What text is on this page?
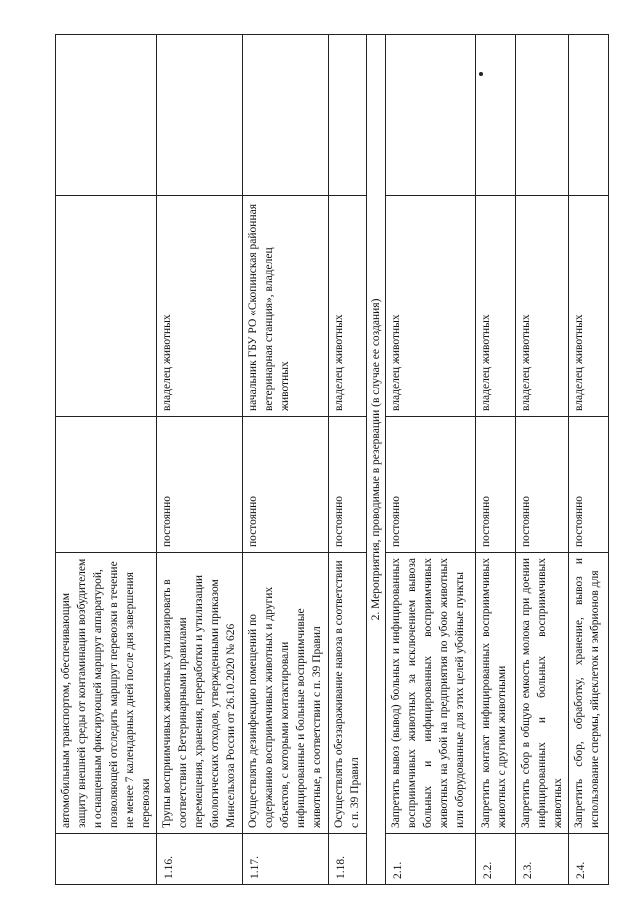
	автомобильным транспортом, обеспечивающим защиту внешней среды от контаминации возбудителем и оснащенным фиксирующей маршрут аппаратурой, позволяющей отследить маршрут перевозки в течение не менее 7 календарных дней после дня завершения перевозки			
1.16.	Трупы восприимчивых животных утилизировать в соответствии с Ветеринарными правилами перемещения, хранения, переработки и утилизации биологических отходов, утвержденными приказом Минсельхоза России от 26.10.2020 № 626	постоянно	владелец животных	
1.17.	Осуществлять дезинфекцию помещений по содержанию восприимчивых животных и других объектов, с которыми контактировали инфицированные и больные восприимчивые животные, в соответствии с п. 39 Правил	постоянно	начальник ГБУ РО «Скопинская районная ветеринарная станция», владелец животных	
1.18.	Осуществлять обеззараживание навоза в соответствии с п. 39 Правил	постоянно	владелец животных	
2. Мероприятия, проводимые в резервации (в случае ее создания)				
2.1.	Запретить вывоз (вывод) больных и инфицированных восприимчивых животных за исключением вывоза больных и инфицированных восприимчивых животных на убой на предприятия по убою животных или оборудованные для этих целей убойные пункты	постоянно	владелец животных	
2.2.	Запретить контакт инфицированных восприимчивых животных с другими животными	постоянно	владелец животных	
2.3.	Запретить сбор в общую емкость молока при доении инфицированных и больных восприимчивых животных	постоянно	владелец животных	
2.4.	Запретить сбор, обработку, хранение, вывоз и использование спермы, яйцеклеток и эмбрионов для	постоянно	владелец животных	
